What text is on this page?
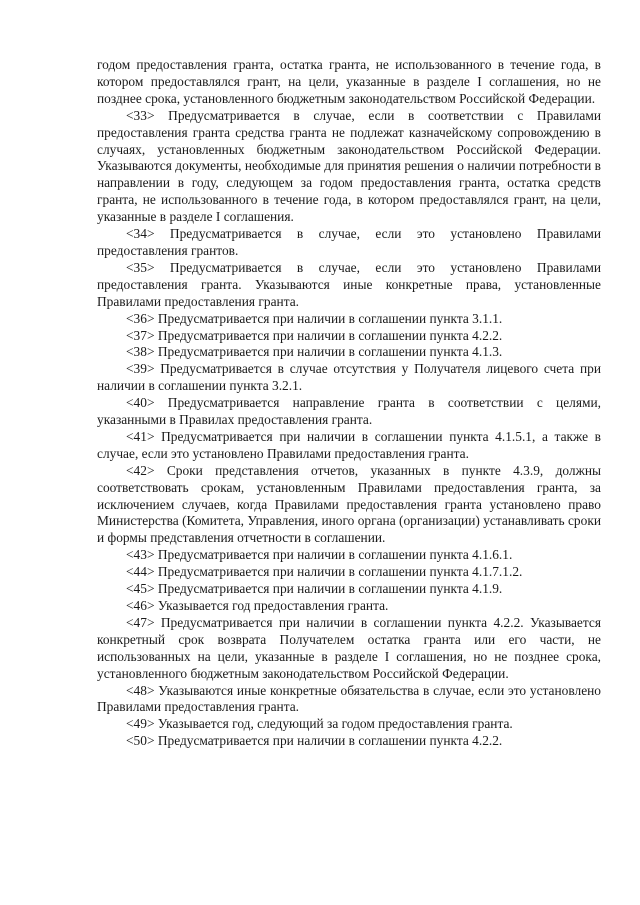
годом предоставления гранта, остатка гранта, не использованного в течение года, в котором предоставлялся грант, на цели, указанные в разделе I соглашения, но не позднее срока, установленного бюджетным законодательством Российской Федерации.

<33> Предусматривается в случае, если в соответствии с Правилами предоставления гранта средства гранта не подлежат казначейскому сопровождению в случаях, установленных бюджетным законодательством Российской Федерации. Указываются документы, необходимые для принятия решения о наличии потребности в направлении в году, следующем за годом предоставления гранта, остатка средств гранта, не использованного в течение года, в котором предоставлялся грант, на цели, указанные в разделе I соглашения.

<34> Предусматривается в случае, если это установлено Правилами предоставления грантов.

<35> Предусматривается в случае, если это установлено Правилами предоставления гранта. Указываются иные конкретные права, установленные Правилами предоставления гранта.

<36> Предусматривается при наличии в соглашении пункта 3.1.1.

<37> Предусматривается при наличии в соглашении пункта 4.2.2.

<38> Предусматривается при наличии в соглашении пункта 4.1.3.

<39> Предусматривается в случае отсутствия у Получателя лицевого счета при наличии в соглашении пункта 3.2.1.

<40> Предусматривается направление гранта в соответствии с целями, указанными в Правилах предоставления гранта.

<41> Предусматривается при наличии в соглашении пункта 4.1.5.1, а также в случае, если это установлено Правилами предоставления гранта.

<42> Сроки представления отчетов, указанных в пункте 4.3.9, должны соответствовать срокам, установленным Правилами предоставления гранта, за исключением случаев, когда Правилами предоставления гранта установлено право Министерства (Комитета, Управления, иного органа (организации) устанавливать сроки и формы представления отчетности в соглашении.

<43> Предусматривается при наличии в соглашении пункта 4.1.6.1.

<44> Предусматривается при наличии в соглашении пункта 4.1.7.1.2.

<45> Предусматривается при наличии в соглашении пункта 4.1.9.

<46> Указывается год предоставления гранта.

<47> Предусматривается при наличии в соглашении пункта 4.2.2. Указывается конкретный срок возврата Получателем остатка гранта или его части, не использованных на цели, указанные в разделе I соглашения, но не позднее срока, установленного бюджетным законодательством Российской Федерации.

<48> Указываются иные конкретные обязательства в случае, если это установлено Правилами предоставления гранта.

<49> Указывается год, следующий за годом предоставления гранта.

<50> Предусматривается при наличии в соглашении пункта 4.2.2.
